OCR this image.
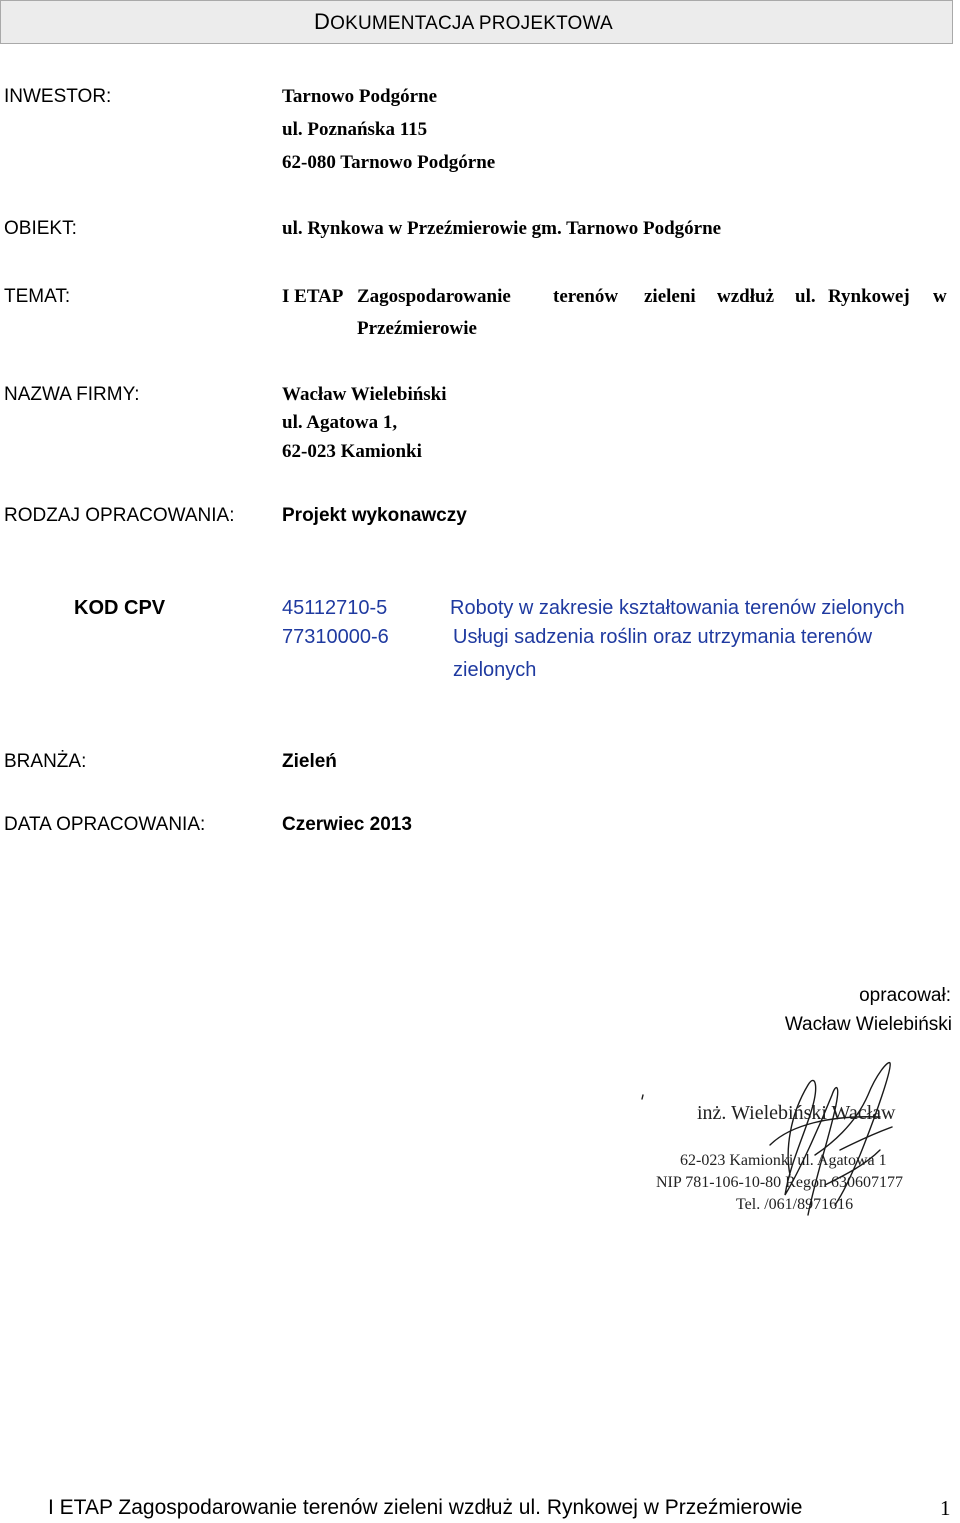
DOKUMENTACJA PROJEKTOWA
INWESTOR:	Tarnowo Podgórne
ul. Poznańska 115
62-080 Tarnowo Podgórne
OBIEKT:	ul. Rynkowa w Przeźmierowie gm. Tarnowo Podgórne
TEMAT:	I ETAP Zagospodarowanie terenów zieleni wzdłuż ul. Rynkowej w
Przeźmierowie
NAZWA FIRMY:	Wacław Wielebiński
ul. Agatowa 1,
62-023 Kamionki
RODZAJ OPRACOWANIA:	Projekt wykonawczy
KOD CPV	45112710-5	Roboty w zakresie kształtowania terenów zielonych
77310000-6	Usługi sadzenia roślin oraz utrzymania terenów
zielonych
BRANŻA:	Zieleń
DATA OPRACOWANIA:	Czerwiec 2013
opracował:
Wacław Wielebiński
inż. Wielebiński Wacław
62-023 Kamionki ul. Agatowa 1
NIP 781-106-10-80 Regon 630607177
Tel. /061/8971616
I ETAP Zagospodarowanie terenów zieleni wzdłuż ul. Rynkowej w Przeźmierowie	1
